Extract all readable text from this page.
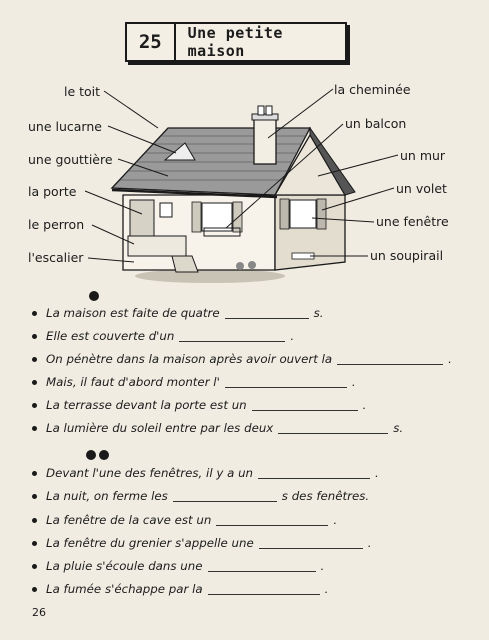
25	Une petite maison
le toit
une lucarne
une gouttière
la porte
le perron
l'escalier
la cheminée
un balcon
un mur
un volet
une fenêtre
un soupirail
La maison est faite de quatre	s.
Elle est couverte d'un	.
On pénètre dans la maison après avoir ouvert la	.
Mais, il faut d'abord monter l'	.
La terrasse devant la porte est un	.
La lumière du soleil entre par les deux	s.
Devant l'une des fenêtres, il y a un	.
La nuit, on ferme les	s des fenêtres.
La fenêtre de la cave est un	.
La fenêtre du grenier s'appelle une	.
La pluie s'écoule dans une	.
La fumée s'échappe par la	.
26
